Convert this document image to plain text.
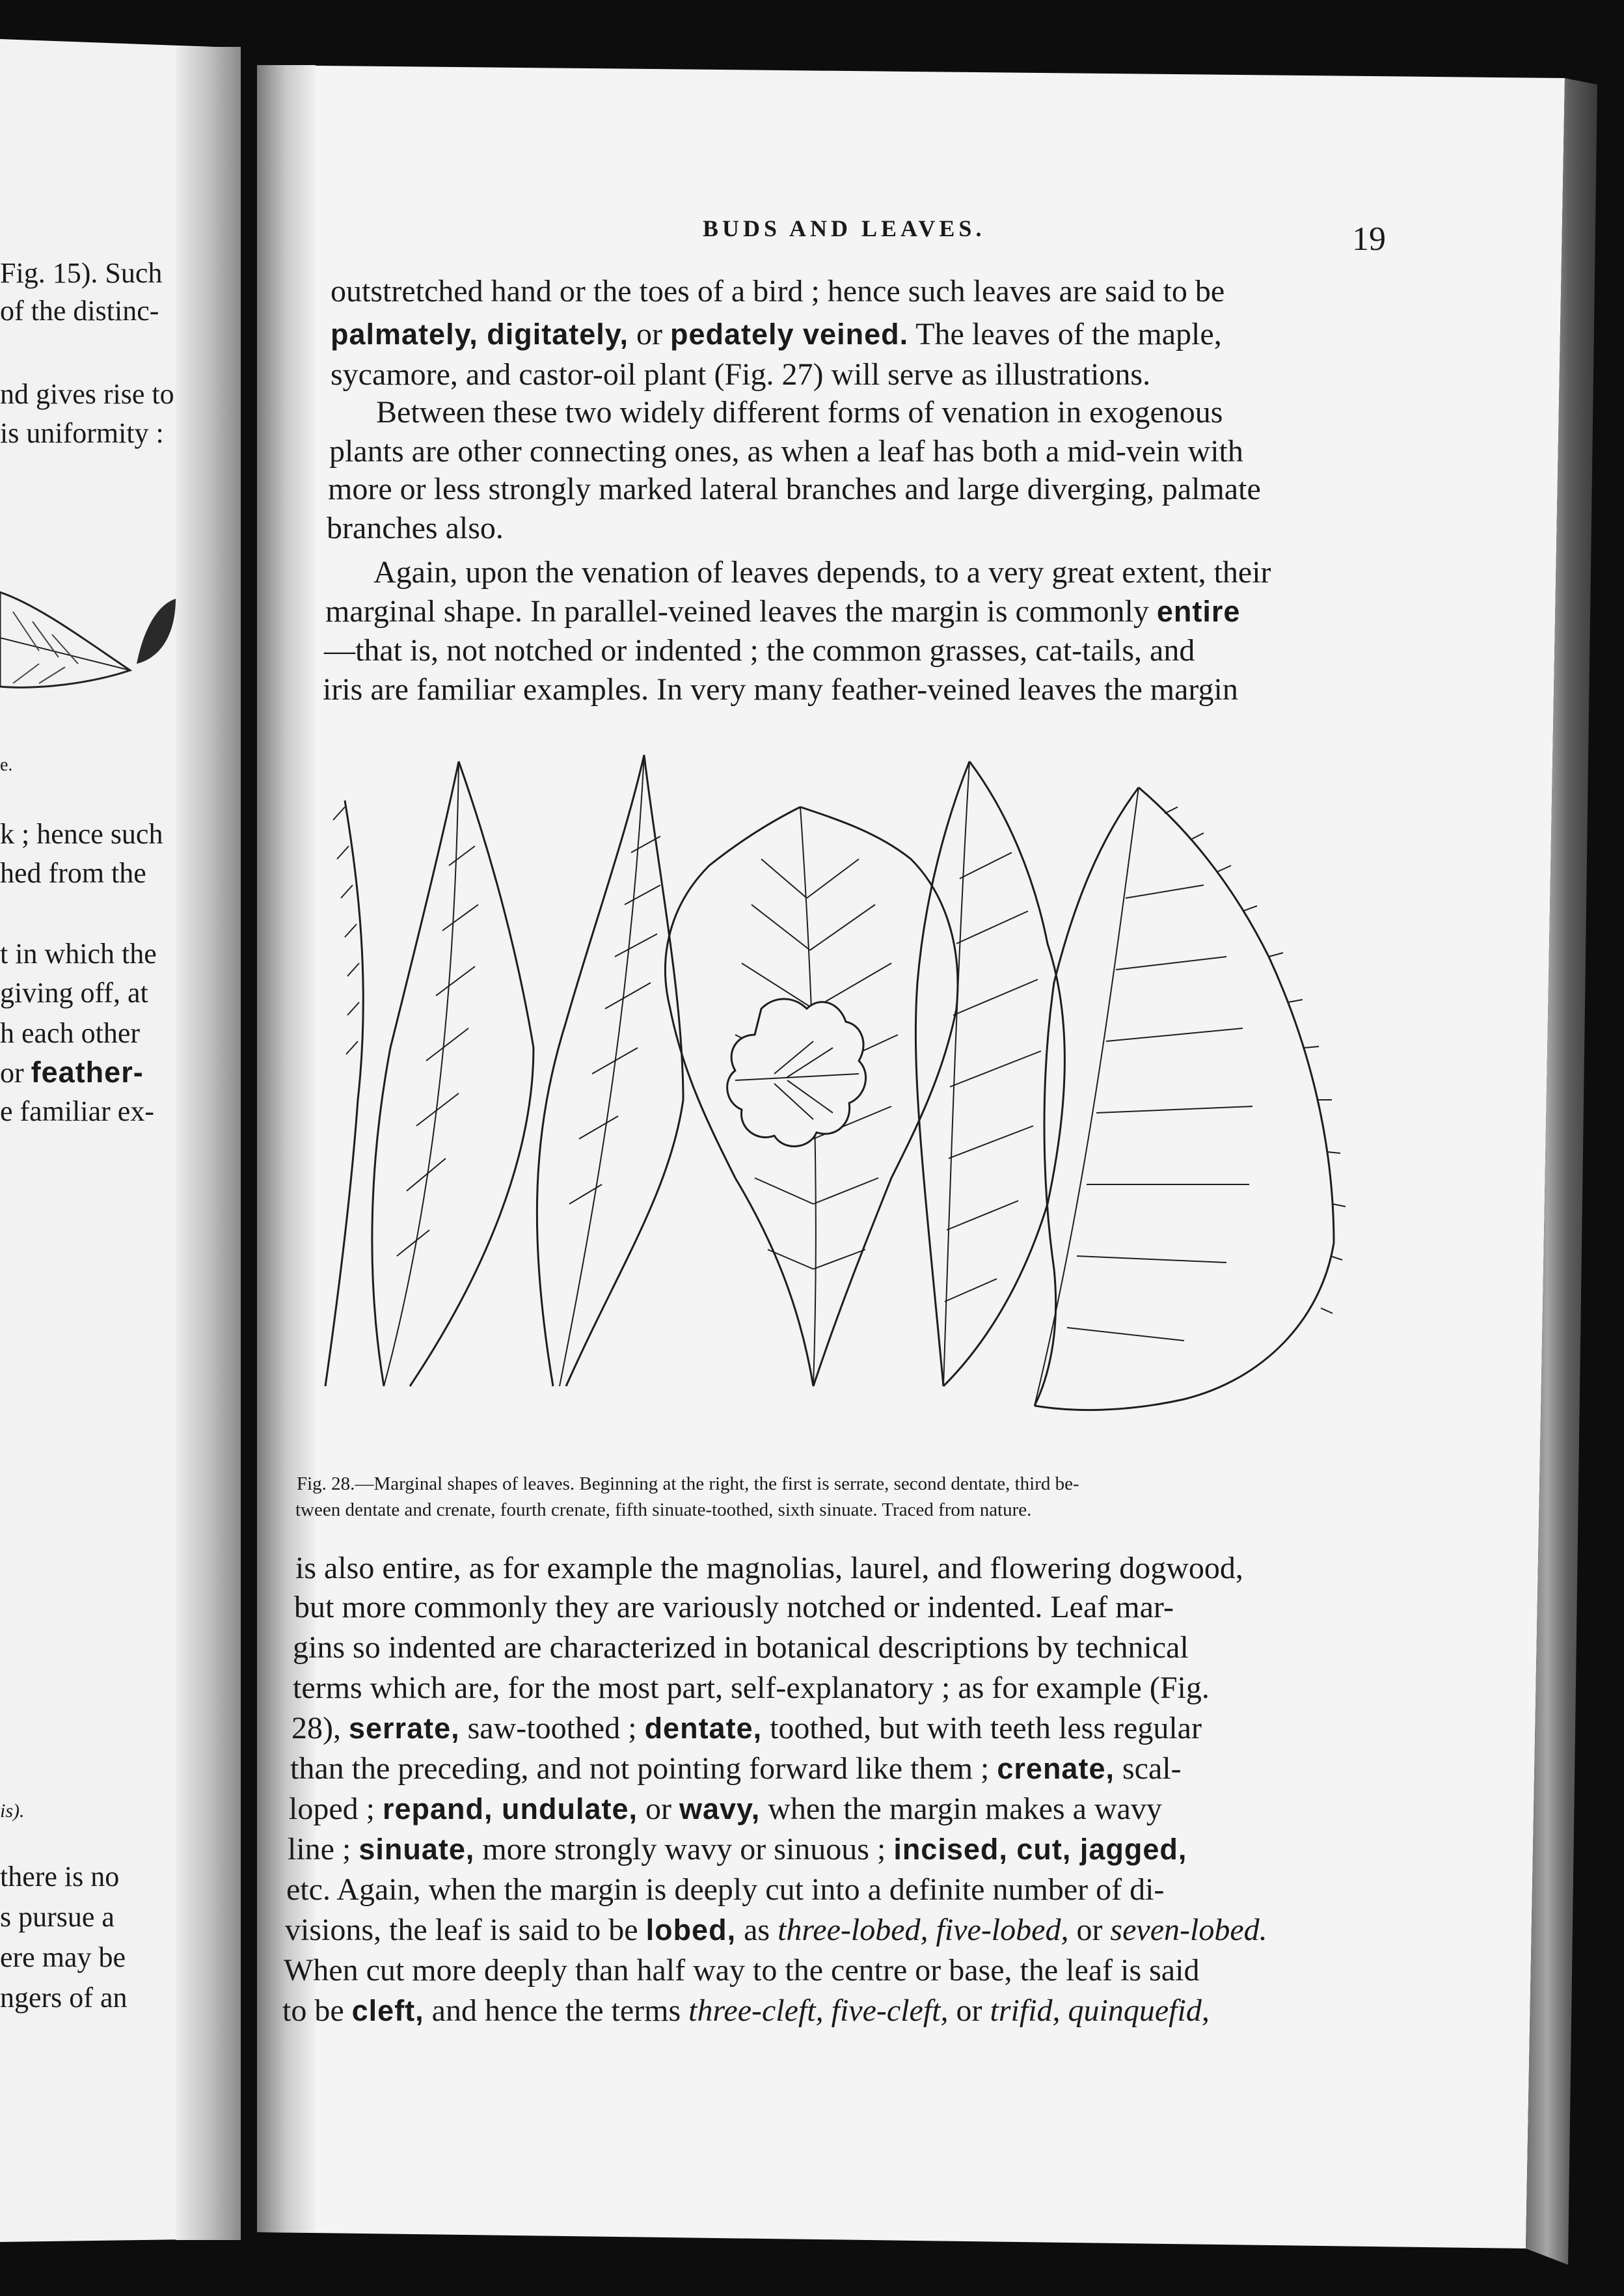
Fig. 15). Such

of the distinc-

nd gives rise to

is uniformity :

e.

k ; hence such

hed from the

t in which the

giving off, at

h each other

or feather-

e familiar ex-

is).

there is no

s pursue a

ere may be

ngers of an

BUDS AND LEAVES.	19

outstretched hand or the toes of a bird ; hence such leaves are said to be

palmately, digitately, or pedately veined. The leaves of the maple,

sycamore, and castor-oil plant (Fig. 27) will serve as illustrations.

Between these two widely different forms of venation in exogenous

plants are other connecting ones, as when a leaf has both a mid-vein with

more or less strongly marked lateral branches and large diverging, palmate

branches also.

Again, upon the venation of leaves depends, to a very great extent, their

marginal shape. In parallel-veined leaves the margin is commonly entire

—that is, not notched or indented ; the common grasses, cat-tails, and

iris are familiar examples. In very many feather-veined leaves the margin

Fig. 28.—Marginal shapes of leaves. Beginning at the right, the first is serrate, second dentate, third be-

tween dentate and crenate, fourth crenate, fifth sinuate-toothed, sixth sinuate. Traced from nature.

is also entire, as for example the magnolias, laurel, and flowering dogwood,

but more commonly they are variously notched or indented. Leaf mar-

gins so indented are characterized in botanical descriptions by technical

terms which are, for the most part, self-explanatory ; as for example (Fig.

28), serrate, saw-toothed ; dentate, toothed, but with teeth less regular

than the preceding, and not pointing forward like them ; crenate, scal-

loped ; repand, undulate, or wavy, when the margin makes a wavy

line ; sinuate, more strongly wavy or sinuous ; incised, cut, jagged,

etc. Again, when the margin is deeply cut into a definite number of di-

visions, the leaf is said to be lobed, as three-lobed, five-lobed, or seven-lobed.

When cut more deeply than half way to the centre or base, the leaf is said

to be cleft, and hence the terms three-cleft, five-cleft, or trifid, quinquefid,
